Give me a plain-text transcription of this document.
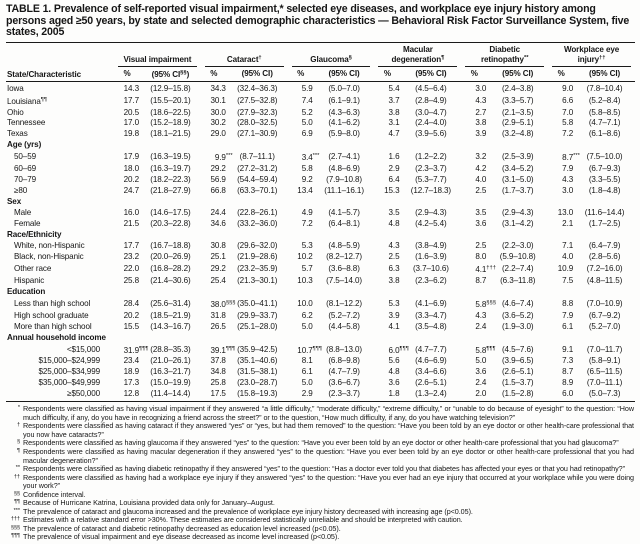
TABLE 1. Prevalence of self-reported visual impairment,* selected eye diseases, and workplace eye injury history among persons aged ≥50 years, by state and selected demographic characteristics — Behavioral Risk Factor Surveillance System, five states, 2005
State/Characteristic	Visual impairment		Cataract†		Glaucoma§		Macular degeneration¶		Diabetic retinopathy**		Workplace eye injury††

	%	(95% CI§§)	%	(95% CI)	%	(95% CI)	%	(95% CI)	%	(95% CI)	%	(95% CI)
Iowa	14.3	(12.9–15.8)	34.3	(32.4–36.3)	5.9	(5.0–7.0)	5.4	(4.5–6.4)	3.0	(2.4–3.8)	9.0	(7.8–10.4)
Louisiana¶¶	17.7	(15.5–20.1)	30.1	(27.5–32.8)	7.4	(6.1–9.1)	3.7	(2.8–4.9)	4.3	(3.3–5.7)	6.6	(5.2–8.4)
Ohio	20.5	(18.6–22.5)	30.0	(27.9–32.3)	5.2	(4.3–6.3)	3.8	(3.0–4.7)	2.7	(2.1–3.5)	7.0	(5.8–8.5)
Tennessee	17.0	(15.2–18.9)	30.2	(28.0–32.5)	5.0	(4.1–6.2)	3.1	(2.4–4.0)	3.8	(2.9–5.1)	5.8	(4.7–7.1)
Texas	19.8	(18.1–21.5)	29.0	(27.1–30.9)	6.9	(5.9–8.0)	4.7	(3.9–5.6)	3.9	(3.2–4.8)	7.2	(6.1–8.6)
Age (yrs)												
50–59	17.9	(16.3–19.5)	9.9***	(8.7–11.1)	3.4***	(2.7–4.1)	1.6	(1.2–2.2)	3.2	(2.5–3.9)	8.7***	(7.5–10.0)
60–69	18.0	(16.3–19.7)	29.2	(27.2–31.2)	5.8	(4.8–6.9)	2.9	(2.3–3.7)	4.2	(3.4–5.2)	7.9	(6.7–9.3)
70–79	20.2	(18.2–22.3)	56.9	(54.4–59.4)	9.2	(7.9–10.8)	6.4	(5.3–7.7)	4.0	(3.1–5.0)	4.3	(3.3–5.5)
≥80	24.7	(21.8–27.9)	66.8	(63.3–70.1)	13.4	(11.1–16.1)	15.3	(12.7–18.3)	2.5	(1.7–3.7)	3.0	(1.8–4.8)
Sex												
Male	16.0	(14.6–17.5)	24.4	(22.8–26.1)	4.9	(4.1–5.7)	3.5	(2.9–4.3)	3.5	(2.9–4.3)	13.0	(11.6–14.4)
Female	21.5	(20.3–22.8)	34.6	(33.2–36.0)	7.2	(6.4–8.1)	4.8	(4.2–5.4)	3.6	(3.1–4.2)	2.1	(1.7–2.5)
Race/Ethnicity												
White, non-Hispanic	17.7	(16.7–18.8)	30.8	(29.6–32.0)	5.3	(4.8–5.9)	4.3	(3.8–4.9)	2.5	(2.2–3.0)	7.1	(6.4–7.9)
Black, non-Hispanic	23.2	(20.0–26.9)	25.1	(21.9–28.6)	10.2	(8.2–12.7)	2.5	(1.6–3.9)	8.0	(5.9–10.8)	4.0	(2.8–5.6)
Other race	22.0	(16.8–28.2)	29.2	(23.2–35.9)	5.7	(3.6–8.8)	6.3	(3.7–10.6)	4.1†††	(2.2–7.4)	10.9	(7.2–16.0)
Hispanic	25.8	(21.4–30.6)	25.4	(21.3–30.1)	10.3	(7.5–14.0)	3.8	(2.3–6.2)	8.7	(6.3–11.8)	7.5	(4.8–11.5)
Education												
Less than high school	28.4	(25.6–31.4)	38.0§§§	(35.0–41.1)	10.0	(8.1–12.2)	5.3	(4.1–6.9)	5.8§§§	(4.6–7.4)	8.8	(7.0–10.9)
High school graduate	20.2	(18.5–21.9)	31.8	(29.9–33.7)	6.2	(5.2–7.2)	3.9	(3.3–4.7)	4.3	(3.6–5.2)	7.9	(6.7–9.2)
More than high school	15.5	(14.3–16.7)	26.5	(25.1–28.0)	5.0	(4.4–5.8)	4.1	(3.5–4.8)	2.4	(1.9–3.0)	6.1	(5.2–7.0)
Annual household income												
<$15,000	31.9¶¶¶	(28.8–35.3)	39.1¶¶¶	(35.9–42.5)	10.7¶¶¶	(8.8–13.0)	6.0¶¶¶	(4.7–7.7)	5.8¶¶¶	(4.5–7.6)	9.1	(7.0–11.7)
$15,000–$24,999	23.4	(21.0–26.1)	37.8	(35.1–40.6)	8.1	(6.8–9.8)	5.6	(4.6–6.9)	5.0	(3.9–6.5)	7.3	(5.8–9.1)
$25,000–$34,999	18.9	(16.3–21.7)	34.8	(31.5–38.1)	6.1	(4.7–7.9)	4.8	(3.4–6.6)	3.6	(2.6–5.1)	8.7	(6.5–11.5)
$35,000–$49,999	17.3	(15.0–19.9)	25.8	(23.0–28.7)	5.0	(3.6–6.7)	3.6	(2.6–5.1)	2.4	(1.5–3.7)	8.9	(7.0–11.1)
≥$50,000	12.8	(11.4–14.4)	17.5	(15.8–19.3)	2.9	(2.3–3.7)	1.8	(1.3–2.4)	2.0	(1.5–2.8)	6.0	(5.0–7.3)
* Respondents were classified as having visual impairment if they answered “a little difficulty,” “moderate difficulty,” “extreme difficulty,” or “unable to do because of eyesight” to the question: “How much difficulty, if any, do you have in recognizing a friend across the street?” or to the question, “How much difficulty, if any, do you have watching television?”
† Respondents were classified as having cataract if they answered “yes” or “yes, but had them removed” to the question: “Have you been told by an eye doctor or other health-care professional that you now have cataracts?”
§ Respondents were classified as having glaucoma if they answered “yes” to the question: “Have you ever been told by an eye doctor or other health-care professional that you had glaucoma?”
¶ Respondents were classified as having macular degeneration if they answered “yes” to the question: “Have you ever been told by an eye doctor or other health-care professional that you had macular degeneration?”
** Respondents were classified as having diabetic retinopathy if they answered “yes” to the question: “Has a doctor ever told you that diabetes has affected your eyes or that you had retinopathy?”
†† Respondents were classified as having had a workplace eye injury if they answered “yes” to the question: “Have you ever had an eye injury that occurred at your workplace while you were doing your work?”
§§ Confidence interval.
¶¶ Because of Hurricane Katrina, Louisiana provided data only for January–August.
*** The prevalence of cataract and glaucoma increased and the prevalence of workplace eye injury history decreased with increasing age (p<0.05).
††† Estimates with a relative standard error >30%. These estimates are considered statistically unreliable and should be interpreted with caution.
§§§ The prevalence of cataract and diabetic retinopathy decreased as education level increased (p<0.05).
¶¶¶ The prevalence of visual impairment and eye disease decreased as income level increased (p<0.05).
